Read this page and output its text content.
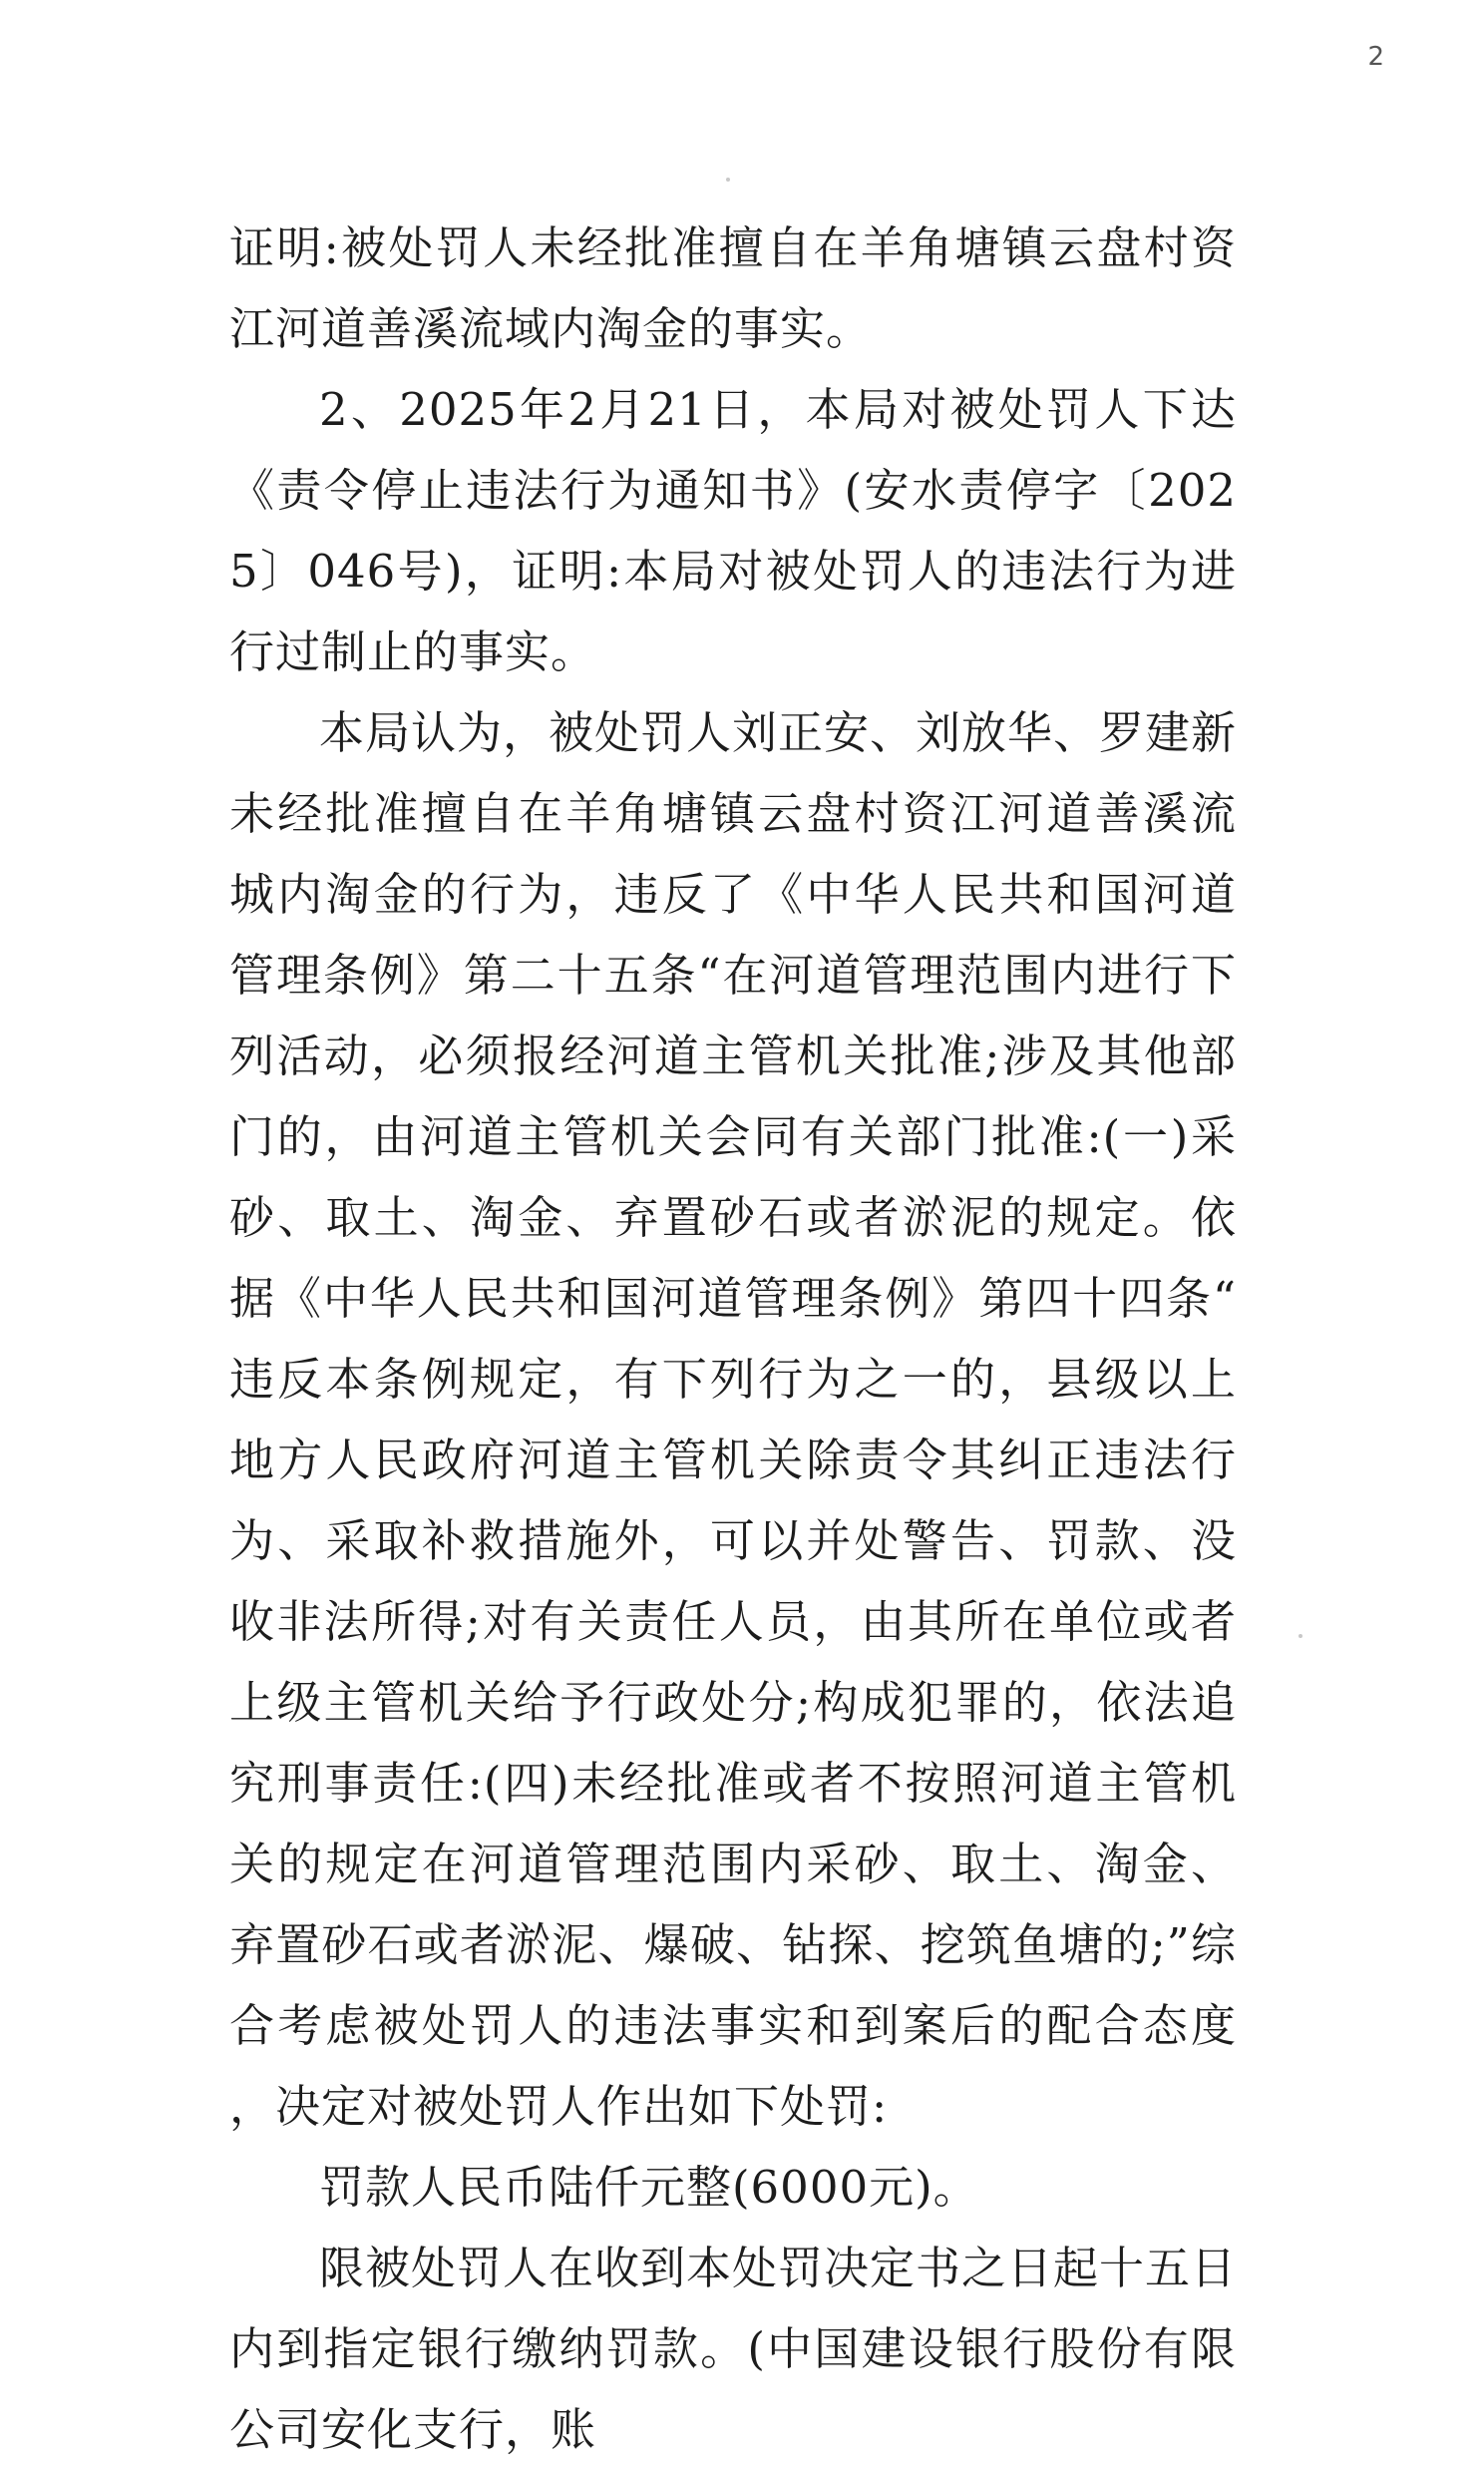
2

证明:被处罚人未经批准擅自在羊角塘镇云盘村资江河道善溪流域内淘金的事实。

2、2025年2月21日，本局对被处罚人下达《责令停止违法行为通知书》(安水责停字〔2025〕046号)，证明:本局对被处罚人的违法行为进行过制止的事实。

本局认为，被处罚人刘正安、刘放华、罗建新未经批准擅自在羊角塘镇云盘村资江河道善溪流城内淘金的行为，违反了《中华人民共和国河道管理条例》第二十五条“在河道管理范围内进行下列活动，必须报经河道主管机关批准;涉及其他部门的，由河道主管机关会同有关部门批准:(一)采砂、取土、淘金、弃置砂石或者淤泥的规定。依据《中华人民共和国河道管理条例》第四十四条“违反本条例规定，有下列行为之一的，县级以上地方人民政府河道主管机关除责令其纠正违法行为、采取补救措施外，可以并处警告、罚款、没收非法所得;对有关责任人员，由其所在单位或者上级主管机关给予行政处分;构成犯罪的，依法追究刑事责任:(四)未经批准或者不按照河道主管机关的规定在河道管理范围内采砂、取土、淘金、弃置砂石或者淤泥、爆破、钻探、挖筑鱼塘的;”综合考虑被处罚人的违法事实和到案后的配合态度，决定对被处罚人作出如下处罚:

罚款人民币陆仟元整(6000元)。

限被处罚人在收到本处罚决定书之日起十五日内到指定银行缴纳罚款。(中国建设银行股份有限公司安化支行，账
